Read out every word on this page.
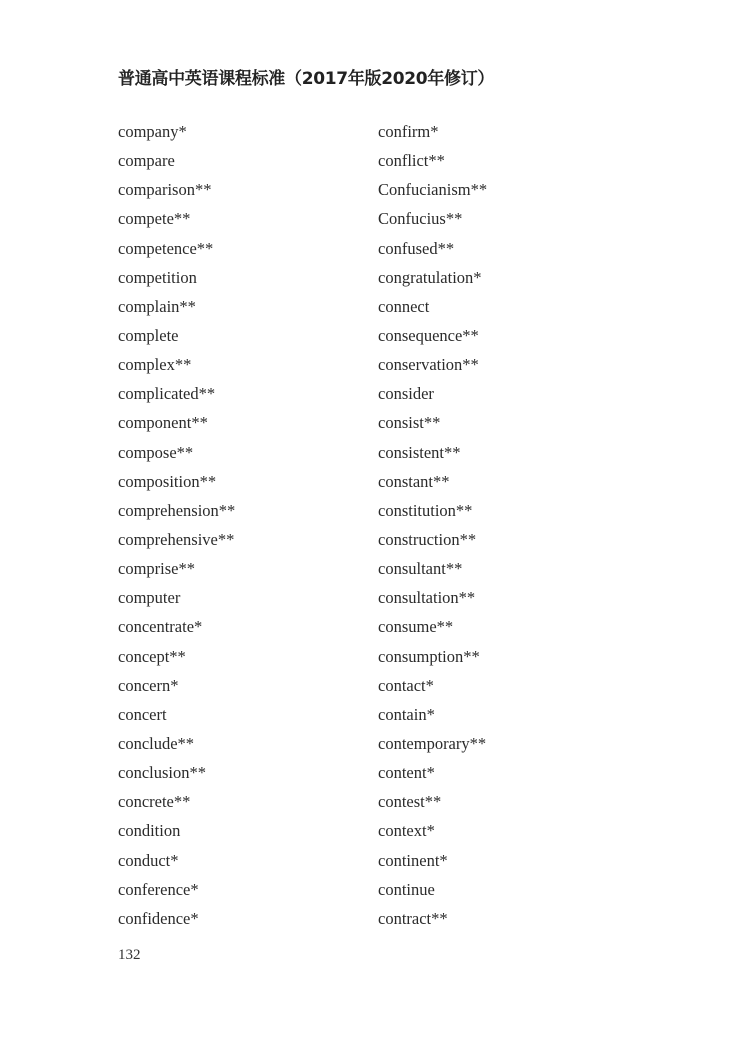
普通高中英语课程标准（2017年版2020年修订）
company*
compare
comparison**
compete**
competence**
competition
complain**
complete
complex**
complicated**
component**
compose**
composition**
comprehension**
comprehensive**
comprise**
computer
concentrate*
concept**
concern*
concert
conclude**
conclusion**
concrete**
condition
conduct*
conference*
confidence*
confirm*
conflict**
Confucianism**
Confucius**
confused**
congratulation*
connect
consequence**
conservation**
consider
consist**
consistent**
constant**
constitution**
construction**
consultant**
consultation**
consume**
consumption**
contact*
contain*
contemporary**
content*
contest**
context*
continent*
continue
contract**
132
